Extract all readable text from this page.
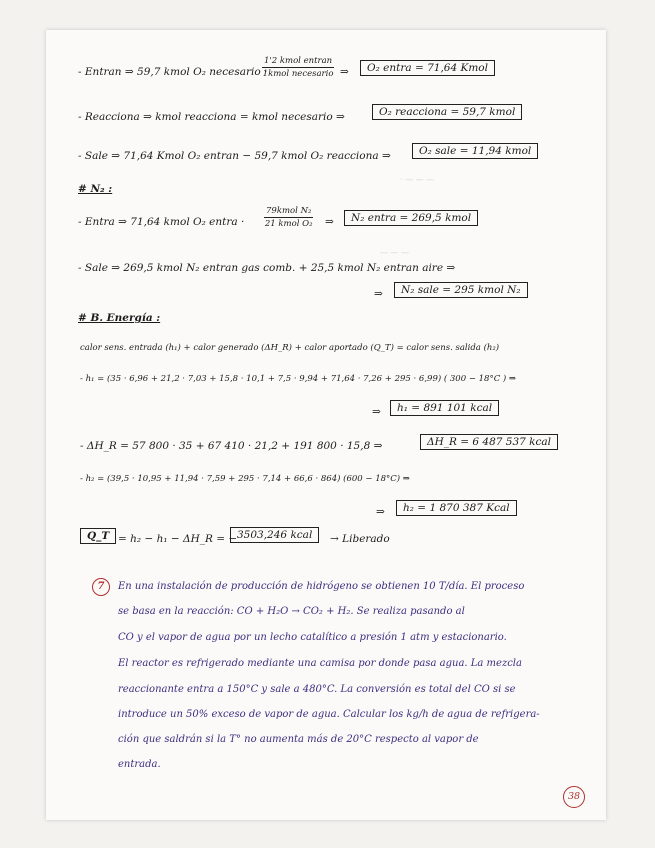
· — — —
— — —
- Entran ⇒ 59,7 kmol O₂ necesario ·
1'2 kmol entran
1kmol necesario ⇒	O₂ entra = 71,64 Kmol
- Reacciona ⇒ kmol reacciona = kmol necesario ⇒	O₂ reacciona = 59,7 kmol
- Sale ⇒ 71,64 Kmol O₂ entran − 59,7 kmol O₂ reacciona ⇒	O₂ sale = 11,94 kmol
# N₂ :
- Entra ⇒ 71,64 kmol O₂ entra ·
79kmol N₂
21 kmol O₂ ⇒	N₂ entra = 269,5 kmol
- Sale ⇒ 269,5 kmol N₂ entran gas comb. + 25,5 kmol N₂ entran aire ⇒
⇒	N₂ sale = 295 kmol N₂
# B. Energía :
calor sens. entrada (h₁) + calor generado (ΔH_R) + calor aportado (Q_T) = calor sens. salida (h₂)
- h₁ = (35 · 6,96 + 21,2 · 7,03 + 15,8 · 10,1 + 7,5 · 9,94 + 71,64 · 7,26 + 295 · 6,99) ( 300 − 18°C ) ⇒
⇒	h₁ = 891 101 kcal
- ΔH_R = 57 800 · 35 + 67 410 · 21,2 + 191 800 · 15,8 ⇒	ΔH_R = 6 487 537 kcal
- h₂ = (39,5 · 10,95 + 11,94 · 7,59 + 295 · 7,14 + 66,6 · 864) (600 − 18°C) ⇒
⇒	h₂ = 1 870 387 Kcal
Q_T = h₂ − h₁ − ΔH_R = − 3503,246 kcal	→ Liberado
7	En una instalación de producción de hidrógeno se obtienen 10 T/día. El proceso
se basa en la reacción: CO + H₂O → CO₂ + H₂. Se realiza pasando al
CO y el vapor de agua por un lecho catalítico a presión 1 atm y estacionario.
El reactor es refrigerado mediante una camisa por donde pasa agua. La mezcla
reaccionante entra a 150°C y sale a 480°C. La conversión es total del CO si se
introduce un 50% exceso de vapor de agua. Calcular los kg/h de agua de refrigera-
ción que saldrán si la T° no aumenta más de 20°C respecto al vapor de
entrada.
38
